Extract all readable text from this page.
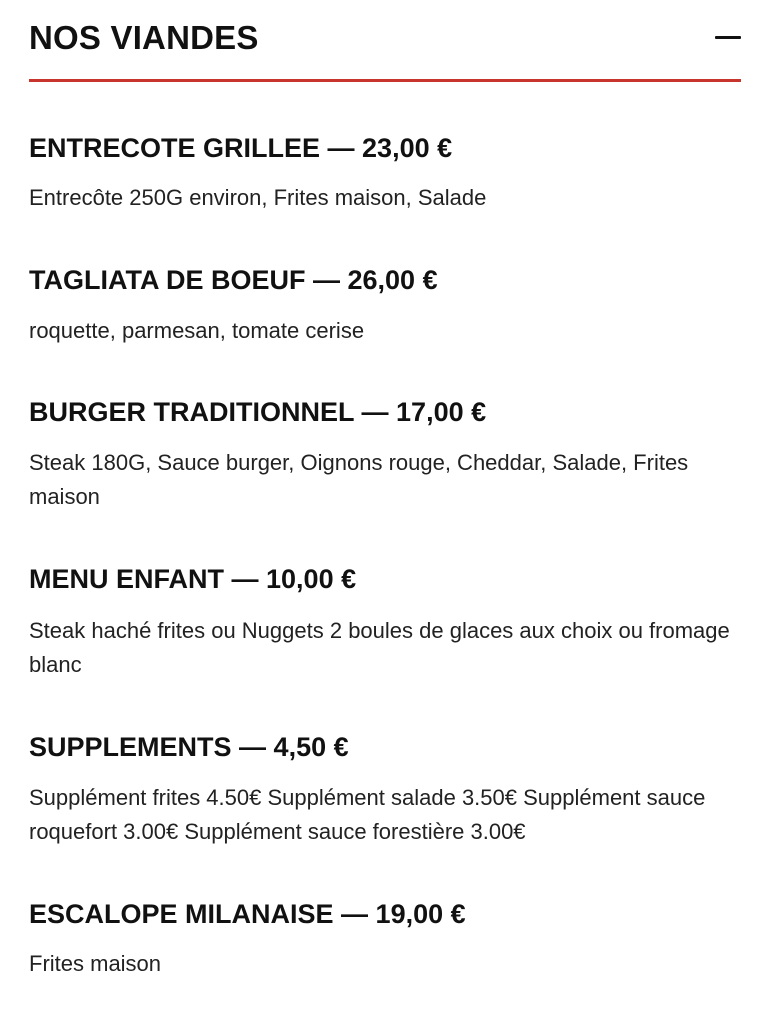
NOS VIANDES
ENTRECOTE GRILLEE — 23,00 €

Entrecôte 250G environ, Frites maison, Salade

TAGLIATA DE BOEUF — 26,00 €

roquette, parmesan, tomate cerise

BURGER TRADITIONNEL — 17,00 €

Steak 180G, Sauce burger, Oignons rouge, Cheddar, Salade, Frites maison

MENU ENFANT — 10,00 €

Steak haché frites ou Nuggets 2 boules de glaces aux choix ou fromage blanc

SUPPLEMENTS — 4,50 €

Supplément frites 4.50€ Supplément salade 3.50€ Supplément sauce roquefort 3.00€ Supplément sauce forestière 3.00€

ESCALOPE MILANAISE — 19,00 €

Frites maison
